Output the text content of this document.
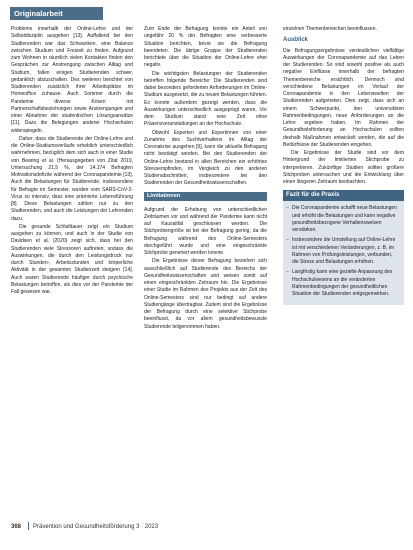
Originalarbeit

Problems innerhalb der Online-Lehre und der Selbstdisziplin ausgehen [13]. Auffallend bei den Studierenden war das Schwanken, eine Balance zwischen Studium und Freizeit zu finden. Aufgrund zum Wohnen in räumlich vielen Kontakten finden den Gesprächen zur Anstrengung zwischen Alltag und Studium, fallen einigen Studierenden schwer, gedanklich abzuschalten. Des weiteren berichtet von Studierenden zusätzlich ihrer Arbeitsplätze im Homeoffice zuhause. Auch Sommer durch die Pandemie diverse Krisen mit Partnerschaftsbeziehungen sowie Anstrengungen und einer Abnahme der studentischen Lösungsansätze [11]. Dazu die Belegungen anderer Hochschulen widerspiegeln.

Daher, dass die Studierende der Online-Lehre und die Online-Studiumsverläufe erheblich unterschiedlich wahrnehmen, bezüglich dem sich auch in einer Studie von Bearing et al. (Herausgegeben von Zitat 2019, Untersuchung 21,5 %, der 14.174 Befragten Motivationsdefizite während der Coronapandemie [13]. Auch die Belastungen für Studierende, insbesondere für Befragte im Semester, wurden vom SARS-CoV-2-Virus so intensiv, dass eine prämierte Lebensführung [8]. Diese Belastungen zählen nur zu den Studierenden, und auch die Leistungen der Lehrenden dazu.

Die gesunde Schlafdauer zeigt ein Studium ausgehen zu können, und auch in der Studie von Davidsen et al. (2020) zeigt sich, dass bei den Studierenden viele Stressoren auftreten, sodass die Auswirkungen, die durch den Leistungsdruck nur durch Stunden-, Arbeitsstunden und körperliche Aktivität in der gesamten Studienzeit steigern [14]. Auch waren Studierende häufiger durch psychische Belastungen betroffen, als dies vor der Pandemie der Fall gewesen war.

Zum Ende der Befragung konnte ein Anteil von ungefähr 20 % der Befragten eine verbesserte Situation berichten, bevor sie die Befragung beendeten. Die übrige Gruppe der Studierenden berichtete über die Situation der Online-Lehre eher negativ.

Die wichtigsten Belastungen der Studierenden betreffen folgende Bereiche: Die Studierenden sind dabei besonders geforderten Anforderungen im Online-Studium ausgesetzt, die zu neuen Belastungen führten. Es konnte außerdem gezeigt werden, dass die Auswirkungen unterschiedlich ausgeprägt waren. Vor dem Studium stand eine Zeit ohne Präsenzveranstaltungen an der Hochschule.

Obwohl Experten und Expertinnen von einer Zunahme des Suchtverhaltens im Alltag der Coronakrise ausgehen [9], kann die aktuelle Befragung nicht bestätigt werden. Bei den Studierenden der Online-Lehre bestand in allen Bereichen ein erhöhtes Stressempfinden, im Vergleich zu den anderen Studienabschnitten, insbesondere bei den Studierenden der Gesundheitswissenschaften.

Limitationen

Aufgrund der Erhebung von unterschiedlichen Zeiträumen vor und während der Pandemie kann nicht auf Kausalität geschlossen werden. Die Stichprobengröße ist bei der Befragung gering, da die Befragung während des Online-Semesters durchgeführt wurde und eine eingeschränkte Stichprobe generiert werden konnte.

Die Ergebnisse dieser Befragung beziehen sich ausschließlich auf Studierende des Bereichs der Gesundheitswissenschaften und weisen somit auf einen eingeschränkten Zeitraum hin. Die Ergebnisse einer Studie im Rahmen des Projekts aus der Zeit des Online-Semesters sind nur bedingt auf andere Studiengänge übertragbar. Zudem sind die Ergebnisse der Befragung durch eine selektive Stichprobe beeinflusst, da vor allem gesundheitsbewusste Studierende teilgenommen haben.

einzelnen Themenbereichen beeinflussen.

Ausblick

Die Befragungsergebnisse verdeutlichen vielfältige Auswirkungen der Coronapandemie auf das Leben der Studierenden. So sind sowohl positive als auch negative Einflüsse innerhalb der befragten Themenbereiche ersichtlich. Dennoch sind verschiedene Belastungen im Verlauf der Coronapandemie in den Lebenswelten der Studierenden aufgetreten. Dies zeigt, dass sich an einem Schwerpunkt, den universitären Rahmenbedingungen, neue Anforderungen an die Lehre ergeben haben. Im Rahmen der Gesundheitsförderung an Hochschulen sollten deshalb Maßnahmen entwickelt werden, die auf die Bedürfnisse der Studierenden eingehen.

Die Ergebnisse der Studie sind vor dem Hintergrund der limitierten Stichprobe zu interpretieren. Zukünftige Studien sollten größere Stichproben untersuchen und die Entwicklung über einen längeren Zeitraum beobachten.

Fazit für die Praxis
– Die Coronapandemie schafft neue Belastungen und erhöht die Belastungen und kann negative gesundheitsbezogene Verhaltensweisen verstärken.
– Insbesondere die Umstellung auf Online-Lehre ist mit verschiedenen Veränderungen, z. B. im Rahmen von Prüfungsleistungen, verbunden, die Stress und Belastungen erhöhen.
– Langfristig kann eine gezielte Anpassung des Hochschulwesens an die veränderten Rahmenbedingungen der gesundheitlichen Situation der Studierenden entgegenwirken.
368 Prävention und Gesundheitsförderung 3 · 2023
